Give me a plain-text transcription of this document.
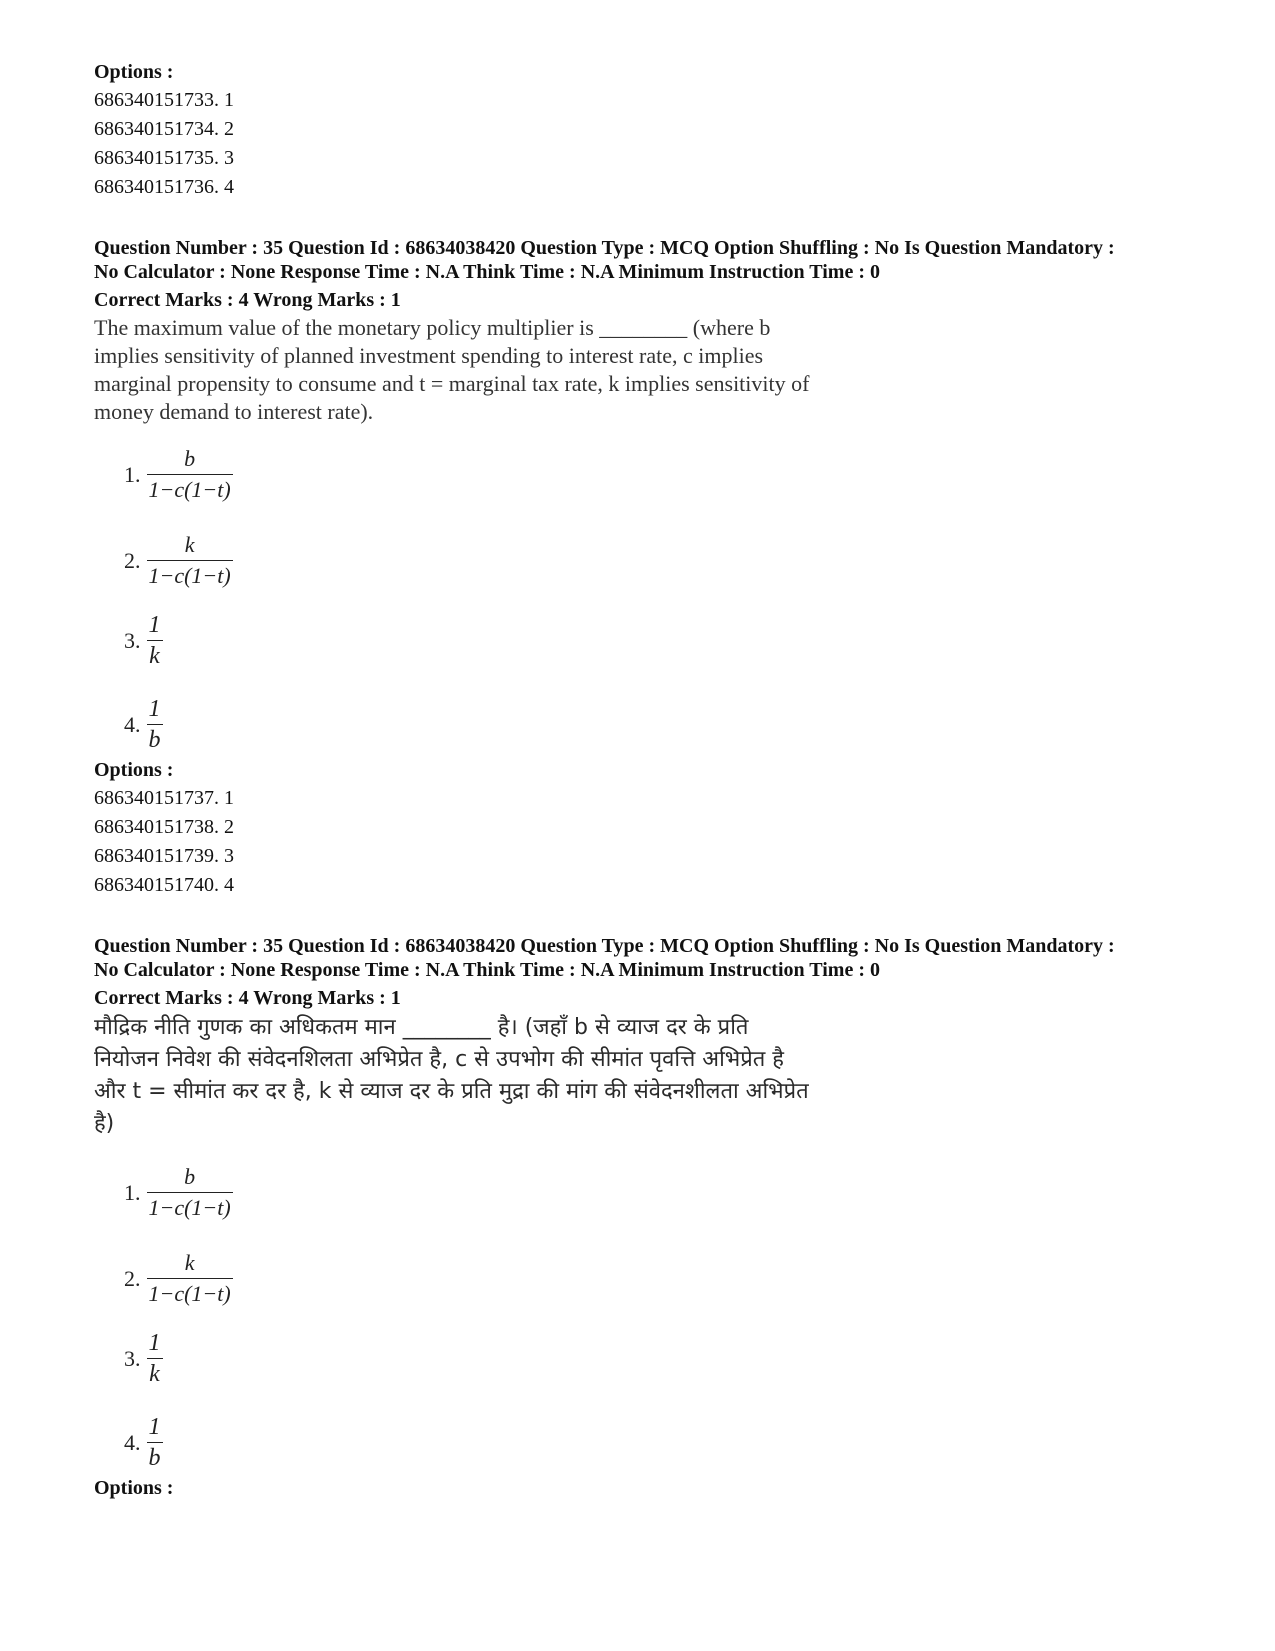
Options :
686340151733. 1
686340151734. 2
686340151735. 3
686340151736. 4
Question Number : 35 Question Id : 68634038420 Question Type : MCQ Option Shuffling : No Is Question Mandatory :
No Calculator : None Response Time : N.A Think Time : N.A Minimum Instruction Time : 0
Correct Marks : 4 Wrong Marks : 1
The maximum value of the monetary policy multiplier is ________ (where b
implies sensitivity of planned investment spending to interest rate, c implies
marginal propensity to consume and t = marginal tax rate, k implies sensitivity of
money demand to interest rate).
1. $\frac{b}{1-c(1-t)}$
2. $\frac{k}{1-c(1-t)}$
3. $\frac{1}{k}$
4. $\frac{1}{b}$
Options :
686340151737. 1
686340151738. 2
686340151739. 3
686340151740. 4
Question Number : 35 Question Id : 68634038420 Question Type : MCQ Option Shuffling : No Is Question Mandatory :
No Calculator : None Response Time : N.A Think Time : N.A Minimum Instruction Time : 0
Correct Marks : 4 Wrong Marks : 1
मौद्रिक नीति गुणक का अधिकतम मान ________ है। (जहाँ b से व्याज दर के प्रति
नियोजन निवेश की संवेदनशिलता अभिप्रेत है, c से उपभोग की सीमांत पृवत्ति अभिप्रेत है
और t = सीमांत कर दर है, k से व्याज दर के प्रति मुद्रा की मांग की संवेदनशीलता अभिप्रेत
है)
1. $\frac{b}{1-c(1-t)}$
2. $\frac{k}{1-c(1-t)}$
3. $\frac{1}{k}$
4. $\frac{1}{b}$
Options :
